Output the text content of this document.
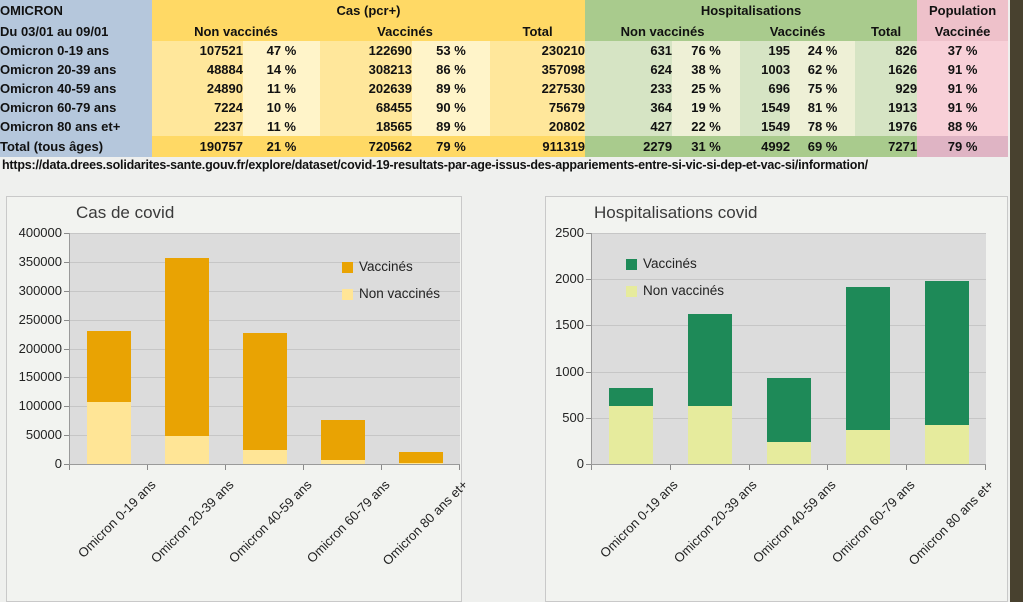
OMICRON	Cas (pcr+)					Hospitalisations					Population
Du 03/01 au 09/01	Non vaccinés		Vaccinés		Total	Non vaccinés		Vaccinés		Total	Vaccinée
Omicron 0-19 ans	107521	47 %	122690	53 %	230210	631	76 %	195	24 %	826	37 %
Omicron 20-39 ans	48884	14 %	308213	86 %	357098	624	38 %	1003	62 %	1626	91 %
Omicron 40-59 ans	24890	11 %	202639	89 %	227530	233	25 %	696	75 %	929	91 %
Omicron 60-79 ans	7224	10 %	68455	90 %	75679	364	19 %	1549	81 %	1913	91 %
Omicron 80 ans et+	2237	11 %	18565	89 %	20802	427	22 %	1549	78 %	1976	88 %
Total (tous âges)	190757	21 %	720562	79 %	911319	2279	31 %	4992	69 %	7271	79 %
https://data.drees.solidarites-sante.gouv.fr/explore/dataset/covid-19-resultats-par-age-issus-des-appariements-entre-si-vic-si-dep-et-vac-si/information/
Cas de covid
0
50000
100000
150000
200000
250000
300000
350000
400000
Omicron 0-19 ans
Omicron 20-39 ans
Omicron 40-59 ans
Omicron 60-79 ans
Omicron 80 ans et+
Vaccinés
Non vaccinés
Hospitalisations covid
0
500
1000
1500
2000
2500
Omicron 0-19 ans
Omicron 20-39 ans
Omicron 40-59 ans
Omicron 60-79 ans
Omicron 80 ans et+
Vaccinés
Non vaccinés
